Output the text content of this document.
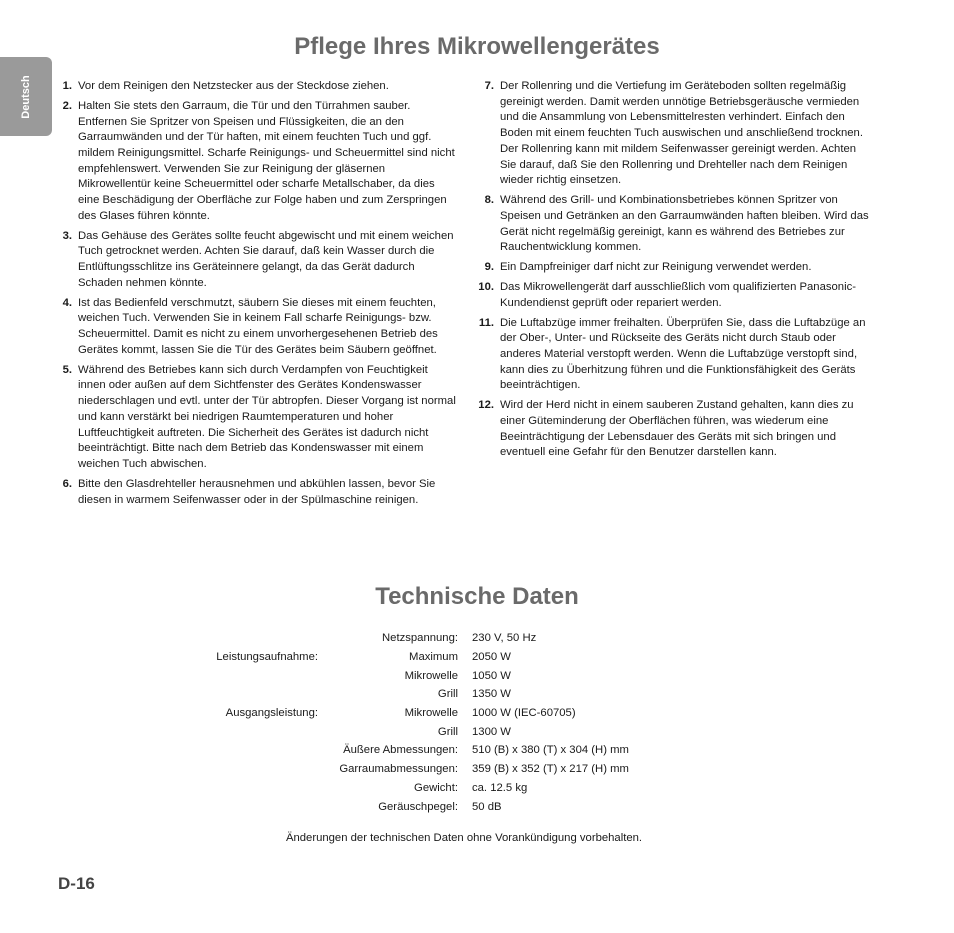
Deutsch
Pflege Ihres Mikrowellengerätes
1. Vor dem Reinigen den Netzstecker aus der Steckdose ziehen.
2. Halten Sie stets den Garraum, die Tür und den Türrahmen sauber. Entfernen Sie Spritzer von Speisen und Flüssigkeiten, die an den Garraumwänden und der Tür haften, mit einem feuchten Tuch und ggf. mildem Reinigungsmittel. Scharfe Reinigungs- und Scheuermittel sind nicht empfehlenswert. Verwenden Sie zur Reinigung der gläsernen Mikrowellentür keine Scheuermittel oder scharfe Metallschaber, da dies eine Beschädigung der Oberfläche zur Folge haben und zum Zerspringen des Glases führen könnte.
3. Das Gehäuse des Gerätes sollte feucht abgewischt und mit einem weichen Tuch getrocknet werden. Achten Sie darauf, daß kein Wasser durch die Entlüftungsschlitze ins Geräteinnere gelangt, da das Gerät dadurch Schaden nehmen könnte.
4. Ist das Bedienfeld verschmutzt, säubern Sie dieses mit einem feuchten, weichen Tuch. Verwenden Sie in keinem Fall scharfe Reinigungs- bzw. Scheuermittel. Damit es nicht zu einem unvorhergesehenen Betrieb des Gerätes kommt, lassen Sie die Tür des Gerätes beim Säubern geöffnet.
5. Während des Betriebes kann sich durch Verdampfen von Feuchtigkeit innen oder außen auf dem Sichtfenster des Gerätes Kondenswasser niederschlagen und evtl. unter der Tür abtropfen. Dieser Vorgang ist normal und kann verstärkt bei niedrigen Raumtemperaturen und hoher Luftfeuchtigkeit auftreten. Die Sicherheit des Gerätes ist dadurch nicht beeinträchtigt. Bitte nach dem Betrieb das Kondenswasser mit einem weichen Tuch abwischen.
6. Bitte den Glasdrehteller herausnehmen und abkühlen lassen, bevor Sie diesen in warmem Seifenwasser oder in der Spülmaschine reinigen.
7. Der Rollenring und die Vertiefung im Geräteboden sollten regelmäßig gereinigt werden. Damit werden unnötige Betriebsgeräusche vermieden und die Ansammlung von Lebensmittelresten verhindert. Einfach den Boden mit einem feuchten Tuch auswischen und anschließend trocknen. Der Rollenring kann mit mildem Seifenwasser gereinigt werden. Achten Sie darauf, daß Sie den Rollenring und Drehteller nach dem Reinigen wieder richtig einsetzen.
8. Während des Grill- und Kombinationsbetriebes können Spritzer von Speisen und Getränken an den Garraumwänden haften bleiben. Wird das Gerät nicht regelmäßig gereinigt, kann es während des Betriebes zur Rauchentwicklung kommen.
9. Ein Dampfreiniger darf nicht zur Reinigung verwendet werden.
10. Das Mikrowellengerät darf ausschließlich vom qualifizierten Panasonic-Kundendienst geprüft oder repariert werden.
11. Die Luftabzüge immer freihalten. Überprüfen Sie, dass die Luftabzüge an der Ober-, Unter- und Rückseite des Geräts nicht durch Staub oder anderes Material verstopft werden. Wenn die Luftabzüge verstopft sind, kann dies zu Überhitzung führen und die Funktionsfähigkeit des Geräts beeinträchtigen.
12. Wird der Herd nicht in einem sauberen Zustand gehalten, kann dies zu einer Güteminderung der Oberflächen führen, was wiederum eine Beeinträchtigung der Lebensdauer des Geräts mit sich bringen und eventuell eine Gefahr für den Benutzer darstellen kann.
Technische Daten
		Netzspannung:		230 V, 50 Hz
	Leistungsaufnahme:	Maximum		2050 W
		Mikrowelle		1050 W
		Grill		1350 W
	Ausgangsleistung:	Mikrowelle		1000 W (IEC-60705)
		Grill		1300 W
		Äußere Abmessungen:		510 (B) x 380 (T) x 304 (H) mm
		Garraumabmessungen:		359 (B) x 352 (T) x 217 (H) mm
		Gewicht:		ca. 12.5 kg
		Geräuschpegel:		50 dB
Änderungen der technischen Daten ohne Vorankündigung vorbehalten.
D-16
